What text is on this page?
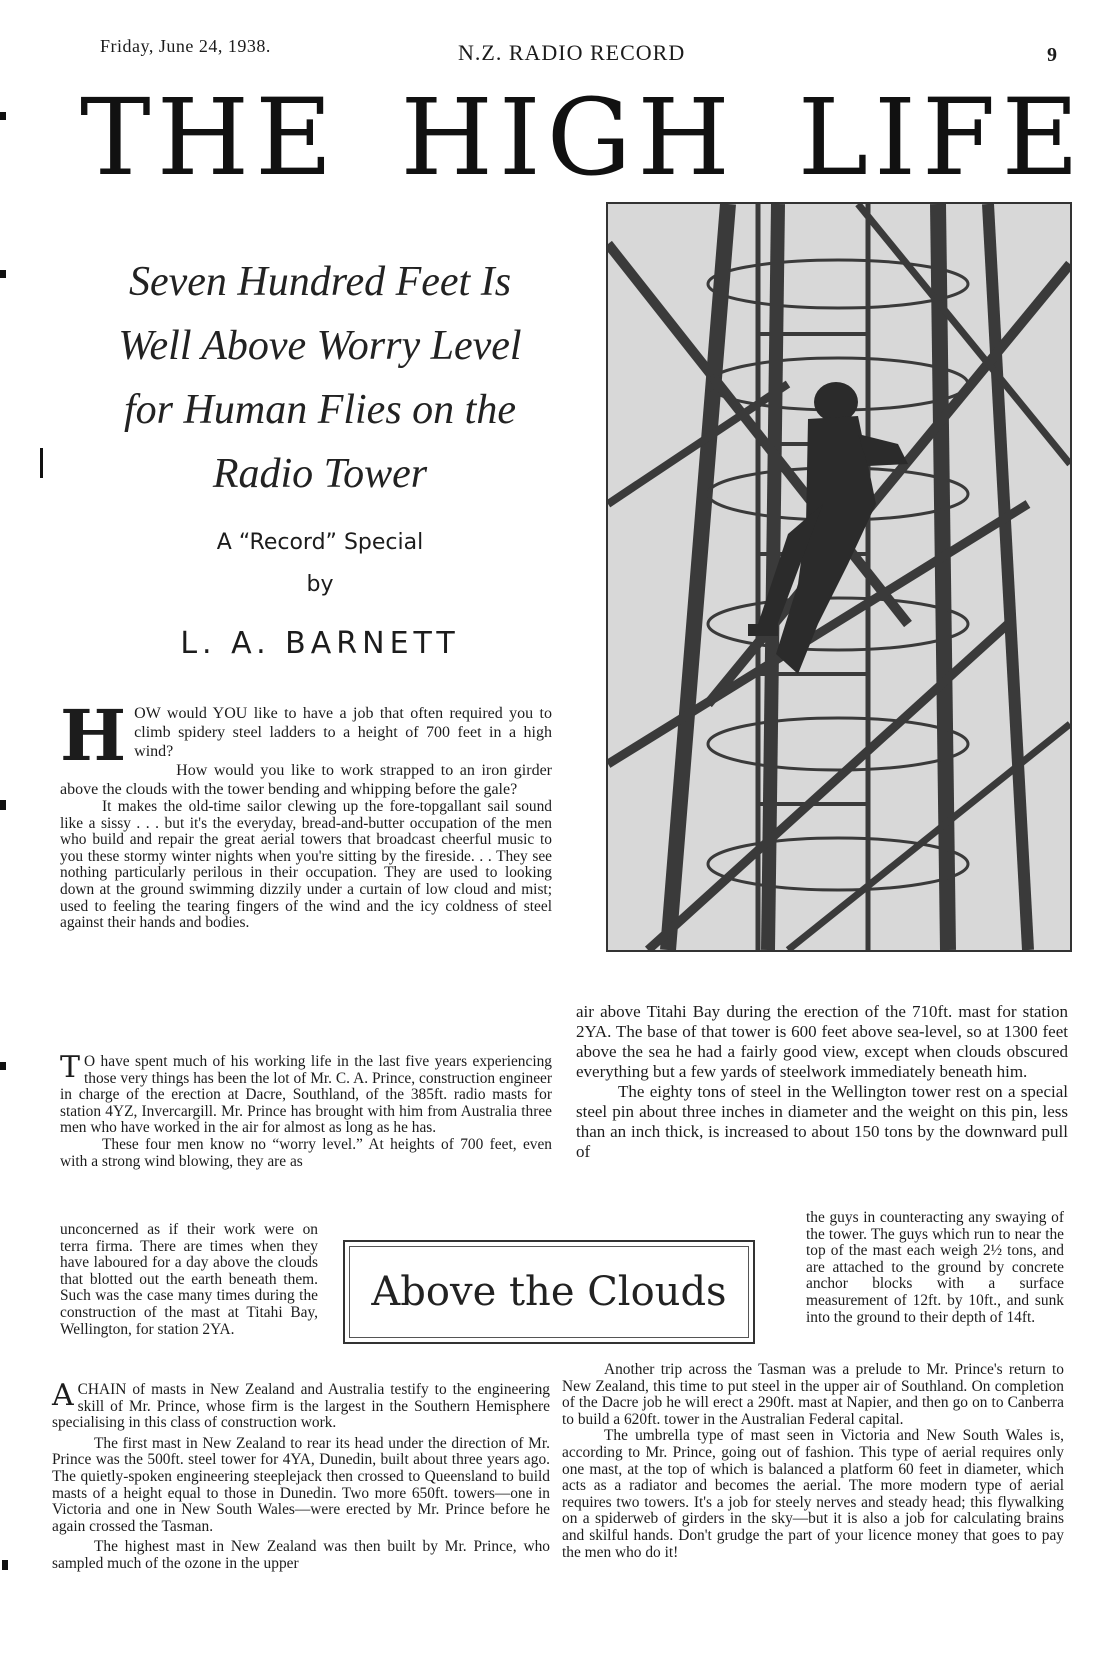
Friday, June 24, 1938.	N.Z. RADIO RECORD	9
THE HIGH LIFE
Seven Hundred Feet Is
Well Above Worry Level
for Human Flies on the
Radio Tower
A “Record” Special
by
L. A. BARNETT
H OW would YOU like to have a job that often required you to climb spidery steel ladders to a height of 700 feet in a high wind?

How would you like to work strapped to an iron girder above the clouds with the tower bending and whipping before the gale?

It makes the old-time sailor clewing up the fore-topgallant sail sound like a sissy . . . but it's the everyday, bread-and-butter occupation of the men who build and repair the great aerial towers that broadcast cheerful music to you these stormy winter nights when you're sitting by the fireside. . . They see nothing particularly perilous in their occupation. They are used to looking down at the ground swimming dizzily under a curtain of low cloud and mist; used to feeling the tearing fingers of the wind and the icy coldness of steel against their hands and bodies.

T O have spent much of his working life in the last five years experiencing those very things has been the lot of Mr. C. A. Prince, construction engineer in charge of the erection at Dacre, Southland, of the 385ft. radio masts for station 4YZ, Invercargill. Mr. Prince has brought with him from Australia three men who have worked in the air for almost as long as he has.

These four men know no “worry level.” At heights of 700 feet, even with a strong wind blowing, they are as

unconcerned as if their work were on terra firma. There are times when they have laboured for a day above the clouds that blotted out the earth beneath them. Such was the case many times during the construction of the mast at Titahi Bay, Wellington, for station 2YA.
Above the Clouds
A CHAIN of masts in New Zealand and Australia testify to the engineering skill of Mr. Prince, whose firm is the largest in the Southern Hemisphere specialising in this class of construction work.

The first mast in New Zealand to rear its head under the direction of Mr. Prince was the 500ft. steel tower for 4YA, Dunedin, built about three years ago. The quietly-spoken engineering steeplejack then crossed to Queensland to build masts of a height equal to those in Dunedin. Two more 650ft. towers—one in Victoria and one in New South Wales—were erected by Mr. Prince before he again crossed the Tasman.

The highest mast in New Zealand was then built by Mr. Prince, who sampled much of the ozone in the upper

air above Titahi Bay during the erection of the 710ft. mast for station 2YA. The base of that tower is 600 feet above sea-level, so at 1300 feet above the sea he had a fairly good view, except when clouds obscured everything but a few yards of steelwork immediately beneath him.

The eighty tons of steel in the Wellington tower rest on a special steel pin about three inches in diameter and the weight on this pin, less than an inch thick, is increased to about 150 tons by the downward pull of

the guys in counteracting any swaying of the tower. The guys which run to near the top of the mast each weigh 2½ tons, and are attached to the ground by concrete anchor blocks with a surface measurement of 12ft. by 10ft., and sunk into the ground to their depth of 14ft.

Another trip across the Tasman was a prelude to Mr. Prince's return to New Zealand, this time to put steel in the upper air of Southland. On completion of the Dacre job he will erect a 290ft. mast at Napier, and then go on to Canberra to build a 620ft. tower in the Australian Federal capital.

The umbrella type of mast seen in Victoria and New South Wales is, according to Mr. Prince, going out of fashion. This type of aerial requires only one mast, at the top of which is balanced a platform 60 feet in diameter, which acts as a radiator and becomes the aerial. The more modern type of aerial requires two towers. It's a job for steely nerves and steady head; this flywalking on a spiderweb of girders in the sky—but it is also a job for calculating brains and skilful hands. Don't grudge the part of your licence money that goes to pay the men who do it!
